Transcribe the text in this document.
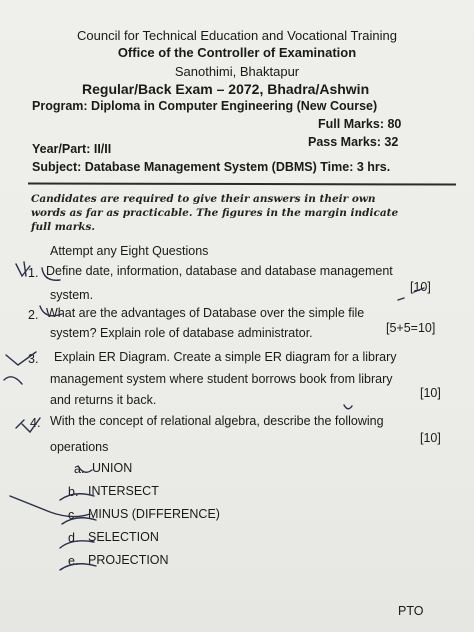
Council for Technical Education and Vocational Training
Office of the Controller of Examination
Sanothimi, Bhaktapur
Regular/Back Exam – 2072, Bhadra/Ashwin
Program: Diploma in Computer Engineering (New Course)
Full Marks: 80
Pass Marks: 32
Year/Part: II/II
Subject: Database Management System (DBMS) Time: 3 hrs.
Candidates are required to give their answers in their own
words as far as practicable. The figures in the margin indicate
full marks.
Attempt any Eight Questions
1. Define date, information, database and database management
system.
[10]
2. What are the advantages of Database over the simple file
system? Explain role of database administrator.	[5+5=10]
3. Explain ER Diagram. Create a simple ER diagram for a library
management system where student borrows book from library
and returns it back.	[10]
4. With the concept of relational algebra, describe the following
operations
[10]
a. UNION
b. INTERSECT
c. MINUS (DIFFERENCE)
d. SELECTION
e. PROJECTION
PTO
